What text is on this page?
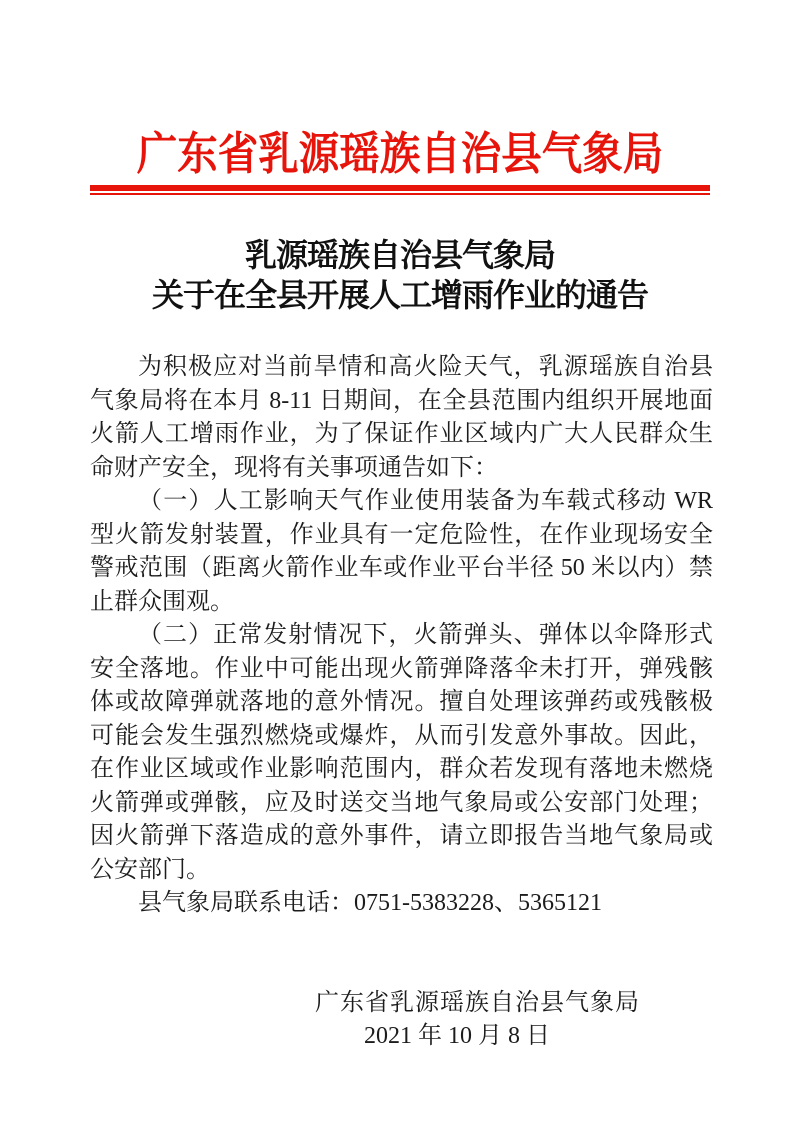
广东省乳源瑶族自治县气象局
乳源瑶族自治县气象局
关于在全县开展人工增雨作业的通告

为积极应对当前旱情和高火险天气，乳源瑶族自治县气象局将在本月 8-11 日期间，在全县范围内组织开展地面火箭人工增雨作业，为了保证作业区域内广大人民群众生命财产安全，现将有关事项通告如下：

（一）人工影响天气作业使用装备为车载式移动 WR 型火箭发射装置，作业具有一定危险性，在作业现场安全警戒范围（距离火箭作业车或作业平台半径 50 米以内）禁止群众围观。

（二）正常发射情况下，火箭弹头、弹体以伞降形式安全落地。作业中可能出现火箭弹降落伞未打开，弹残骸体或故障弹就落地的意外情况。擅自处理该弹药或残骸极可能会发生强烈燃烧或爆炸，从而引发意外事故。因此，在作业区域或作业影响范围内，群众若发现有落地未燃烧火箭弹或弹骸，应及时送交当地气象局或公安部门处理；因火箭弹下落造成的意外事件，请立即报告当地气象局或公安部门。

县气象局联系电话：0751-5383228、5365121

广东省乳源瑶族自治县气象局
2021 年 10 月 8 日
